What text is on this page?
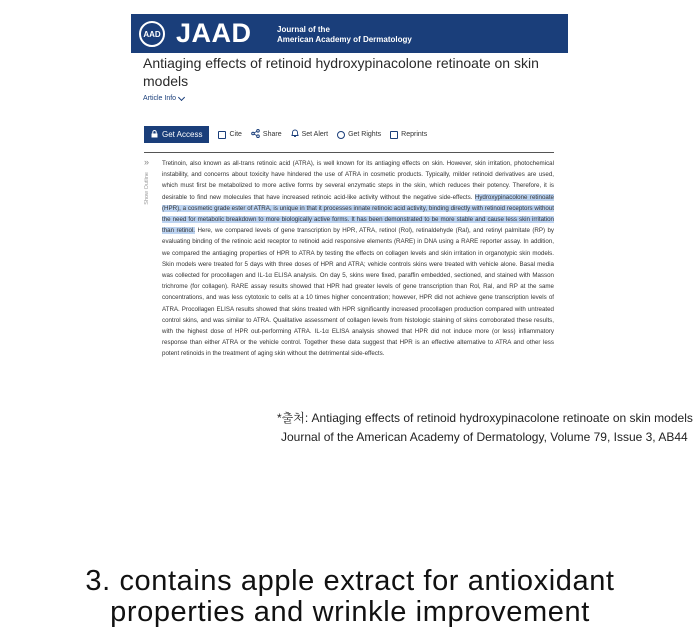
AAD JAAD	Journal of the
American Academy of Dermatology
Antiaging effects of retinoid hydroxypinacolone retinoate on skin models
Article Info
Get Access	Cite	Share	Set Alert	Get Rights	Reprints
»
Show Outline
Tretinoin, also known as all-trans retinoic acid (ATRA), is well known for its antiaging effects on skin. However, skin irritation, photochemical instability, and concerns about toxicity have hindered the use of ATRA in cosmetic products. Typically, milder retinoid derivatives are used, which must first be metabolized to more active forms by several enzymatic steps in the skin, which reduces their potency. Therefore, it is desirable to find new molecules that have increased retinoic acid-like activity without the negative side-effects. Hydroxypinacolone retinoate (HPR), a cosmetic grade ester of ATRA, is unique in that it processes innate retinoic acid activity, binding directly with retinoid receptors without the need for metabolic breakdown to more biologically active forms. It has been demonstrated to be more stable and cause less skin irritation than retinol. Here, we compared levels of gene transcription by HPR, ATRA, retinol (Rol), retinaldehyde (Ral), and retinyl palmitate (RP) by evaluating binding of the retinoic acid receptor to retinoid acid responsive elements (RARE) in DNA using a RARE reporter assay. In addition, we compared the antiaging properties of HPR to ATRA by testing the effects on collagen levels and skin irritation in organotypic skin models. Skin models were treated for 5 days with three doses of HPR and ATRA; vehicle controls skins were treated with vehicle alone. Basal media was collected for procollagen and IL-1α ELISA analysis. On day 5, skins were fixed, paraffin embedded, sectioned, and stained with Masson trichrome (for collagen). RARE assay results showed that HPR had greater levels of gene transcription than Rol, Ral, and RP at the same concentrations, and was less cytotoxic to cells at a 10 times higher concentration; however, HPR did not achieve gene transcription levels of ATRA. Procollagen ELISA results showed that skins treated with HPR significantly increased procollagen production compared with untreated control skins, and was similar to ATRA. Qualitative assessment of collagen levels from histologic staining of skins corroborated these results, with the highest dose of HPR out-performing ATRA. IL-1α ELISA analysis showed that HPR did not induce more (or less) inflammatory response than either ATRA or the vehicle control. Together these data suggest that HPR is an effective alternative to ATRA and other less potent retinoids in the treatment of aging skin without the detrimental side-effects.
*출처: Antiaging effects of retinoid hydroxypinacolone retinoate on skin models
Journal of the American Academy of Dermatology, Volume 79, Issue 3, AB44
3. contains apple extract for antioxidant
properties and wrinkle improvement
